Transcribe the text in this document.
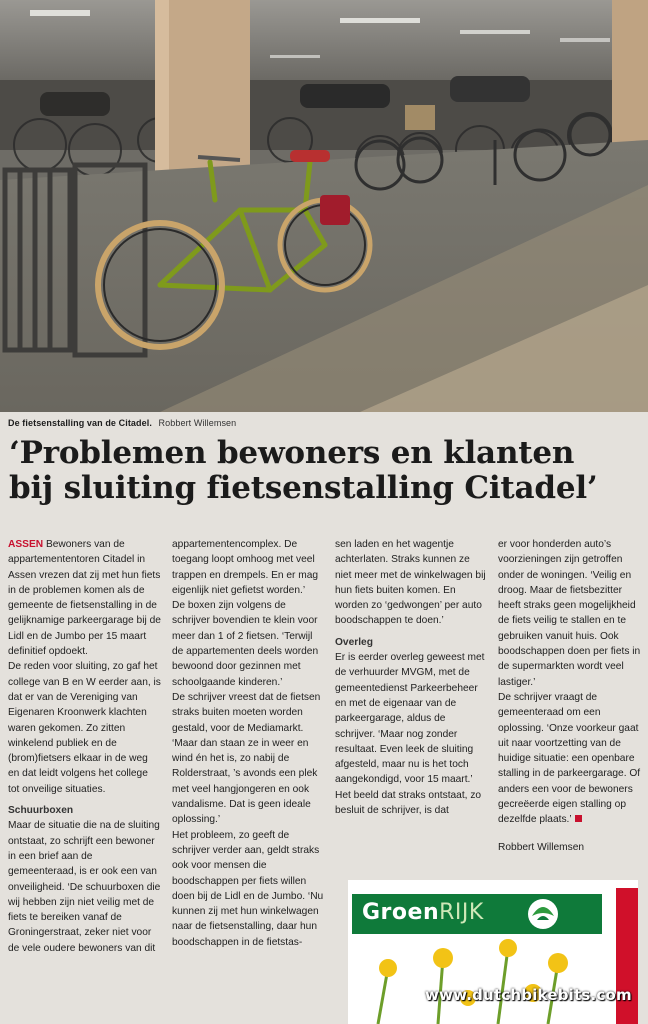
De fietsenstalling van de Citadel. Robbert Willemsen
‘Problemen bewoners en klanten
bij sluiting fietsenstalling Citadel’

ASSEN Bewoners van de appartemententoren Citadel in Assen vrezen dat zij met hun fiets in de problemen komen als de gemeente de fietsenstalling in de gelijknamige parkeergarage bij de Lidl en de Jumbo per 15 maart definitief opdoekt.

De reden voor sluiting, zo gaf het college van B en W eerder aan, is dat er van de Vereniging van Eigenaren Kroonwerk klachten waren gekomen. Zo zitten winkelend publiek en de (brom)fietsers elkaar in de weg en dat leidt volgens het college tot onveilige situaties.

Schuurboxen

Maar de situatie die na de sluiting ontstaat, zo schrijft een bewoner in een brief aan de gemeenteraad, is er ook een van onveiligheid. ‘De schuurboxen die wij hebben zijn niet veilig met de fiets te bereiken vanaf de Groningerstraat, zeker niet voor de vele oudere bewoners van dit

appartementencomplex. De toegang loopt omhoog met veel trappen en drempels. En er mag eigenlijk niet gefietst worden.’

De boxen zijn volgens de schrijver bovendien te klein voor meer dan 1 of 2 fietsen. ‘Terwijl de appartementen deels worden bewoond door gezinnen met schoolgaande kinderen.’

De schrijver vreest dat de fietsen straks buiten moeten worden gestald, voor de Mediamarkt. ‘Maar dan staan ze in weer en wind én het is, zo nabij de Rolderstraat, ’s avonds een plek met veel hangjongeren en ook vandalisme. Dat is geen ideale oplossing.’

Het probleem, zo geeft de schrijver verder aan, geldt straks ook voor mensen die boodschappen per fiets willen doen bij de Lidl en de Jumbo. ‘Nu kunnen zij met hun winkelwagen naar de fietsenstalling, daar hun boodschappen in de fietstas-

sen laden en het wagentje achterlaten. Straks kunnen ze niet meer met de winkelwagen bij hun fiets buiten komen. En worden zo ‘gedwongen’ per auto boodschappen te doen.’

Overleg

Er is eerder overleg geweest met de verhuurder MVGM, met de gemeentedienst Parkeerbeheer en met de eigenaar van de parkeergarage, aldus de schrijver. ‘Maar nog zonder resultaat. Even leek de sluiting afgesteld, maar nu is het toch aangekondigd, voor 15 maart.’

Het beeld dat straks ontstaat, zo besluit de schrijver, is dat

er voor honderden auto’s voorzieningen zijn getroffen onder de woningen. ‘Veilig en droog. Maar de fietsbezitter heeft straks geen mogelijkheid de fiets veilig te stallen en te gebruiken vanuit huis. Ook boodschappen doen per fiets in de supermarkten wordt veel lastiger.’

De schrijver vraagt de gemeenteraad om een oplossing. ‘Onze voorkeur gaat uit naar voortzetting van de huidige situatie: een openbare stalling in de parkeergarage. Of anders een voor de bewoners gecreëerde eigen stalling op dezelfde plaats.’

Robbert Willemsen

GroenRIJK
www.dutchbikebits.com
